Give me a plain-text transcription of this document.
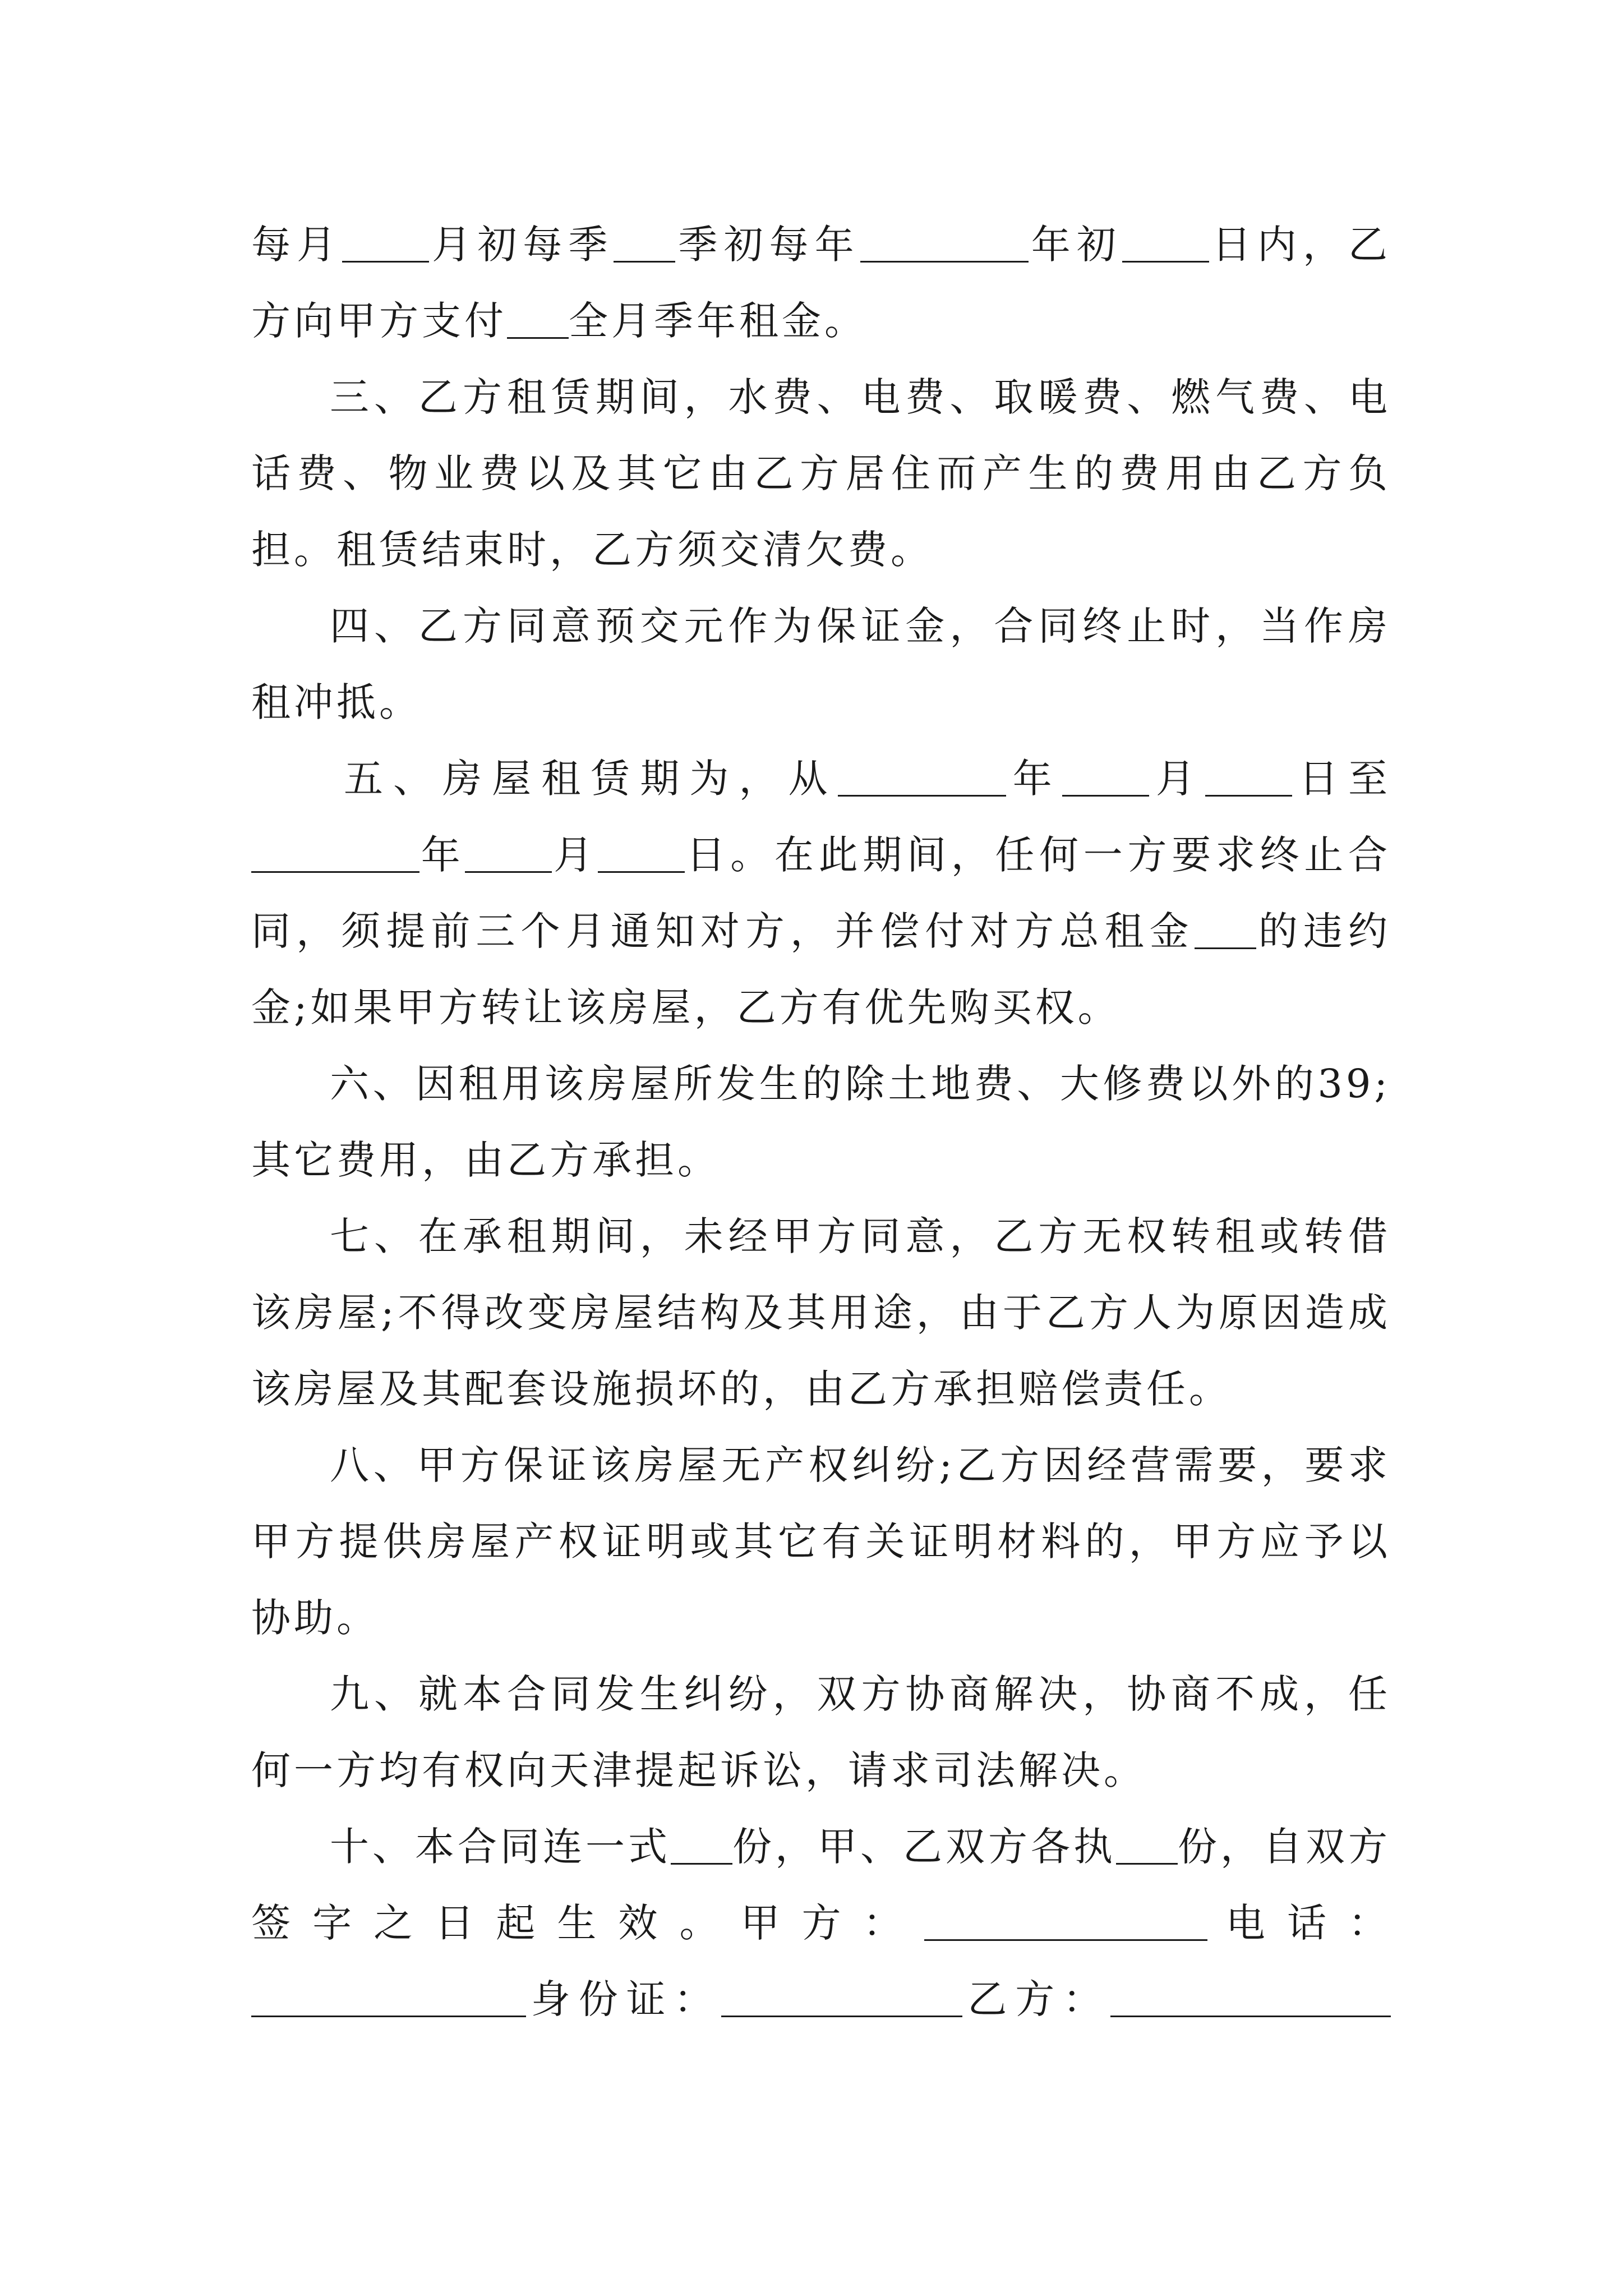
每月 月初每季 季初每年	年初 日内，乙

方向甲方支付 全月季年租金。

三、乙方租赁期间，水费、电费、取暖费、燃气费、电话费、物业费以及其它由乙方居住而产生的费用由乙方负担。租赁结束时，乙方须交清欠费。

四、乙方同意预交元作为保证金，合同终止时，当作房租冲抵。

五、房屋租赁期为，从	年 月 日至年 月 日。在此期间，任何一方要求终止合同，须提前三个月通知对方，并偿付对方总租金 的违约金;如果甲方转让该房屋，乙方有优先购买权。

六、因租用该房屋所发生的除土地费、大修费以外的39;其它费用，由乙方承担。

七、在承租期间，未经甲方同意，乙方无权转租或转借该房屋;不得改变房屋结构及其用途，由于乙方人为原因造成该房屋及其配套设施损坏的，由乙方承担赔偿责任。

八、甲方保证该房屋无产权纠纷;乙方因经营需要，要求甲方提供房屋产权证明或其它有关证明材料的，甲方应予以协助。

九、就本合同发生纠纷，双方协商解决，协商不成，任何一方均有权向天津提起诉讼，请求司法解决。

十、本合同连一式 份，甲、乙双方各执 份，自双方

签字之日起生效。甲方：	电话：

身份证：	乙方：
